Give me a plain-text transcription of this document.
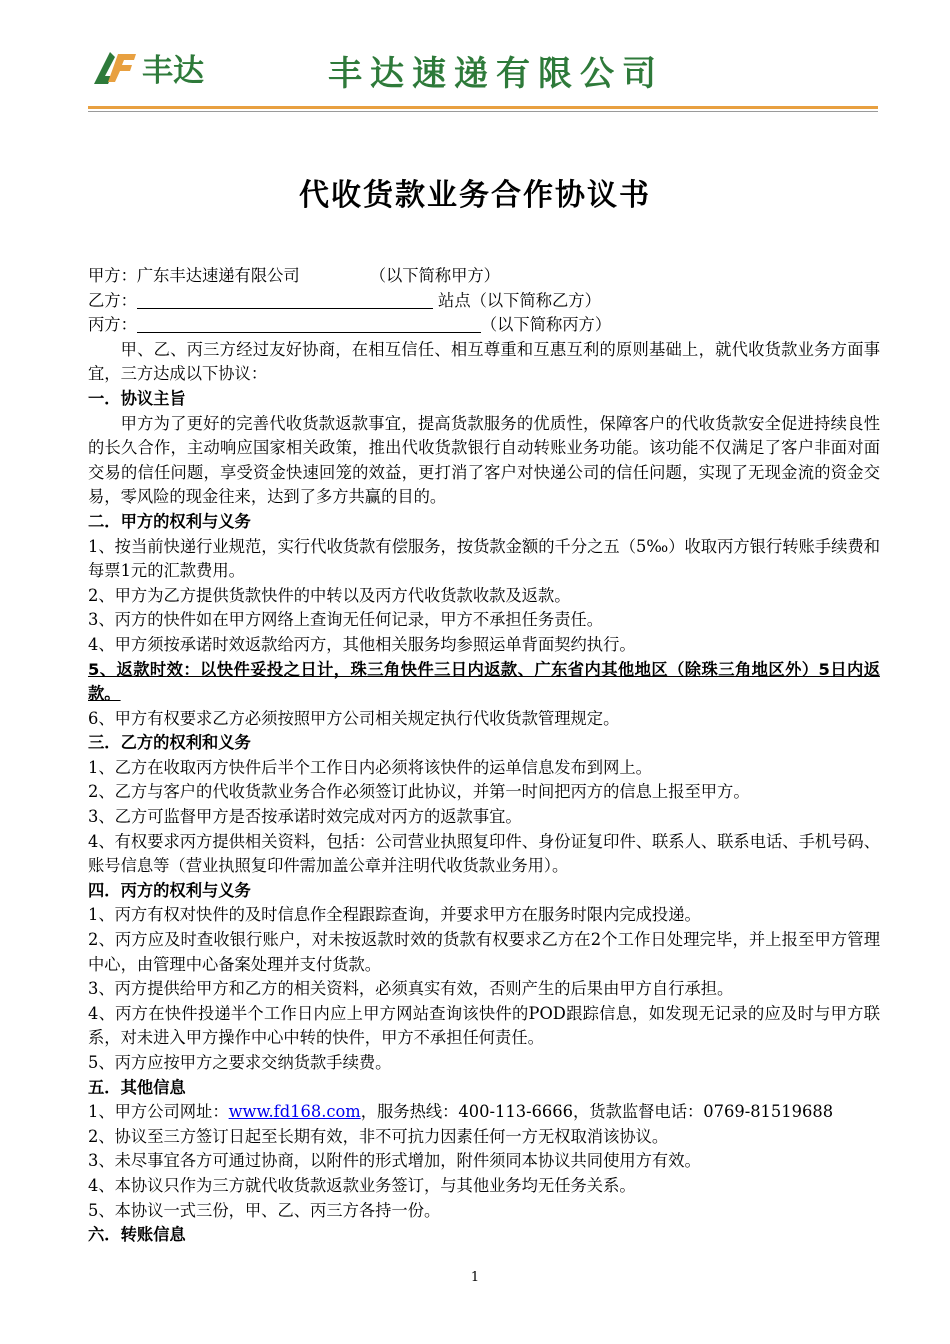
丰达	丰达速递有限公司
代收货款业务合作协议书
甲方：广东丰达速递有限公司	（以下简称甲方）
乙方：	站点（以下简称乙方）
丙方：	（以下简称丙方）
甲、乙、丙三方经过友好协商，在相互信任、相互尊重和互惠互利的原则基础上，就代收货款业务方面事宜，三方达成以下协议：
一．协议主旨
甲方为了更好的完善代收货款返款事宜，提高货款服务的优质性，保障客户的代收货款安全促进持续良性的长久合作，主动响应国家相关政策，推出代收货款银行自动转账业务功能。该功能不仅满足了客户非面对面交易的信任问题，享受资金快速回笼的效益，更打消了客户对快递公司的信任问题，实现了无现金流的资金交易，零风险的现金往来，达到了多方共赢的目的。
二．甲方的权利与义务
1、按当前快递行业规范，实行代收货款有偿服务，按货款金额的千分之五（5‰）收取丙方银行转账手续费和每票1元的汇款费用。
2、甲方为乙方提供货款快件的中转以及丙方代收货款收款及返款。
3、丙方的快件如在甲方网络上查询无任何记录，甲方不承担任务责任。
4、甲方须按承诺时效返款给丙方，其他相关服务均参照运单背面契约执行。
5、返款时效：以快件妥投之日计，珠三角快件三日内返款、广东省内其他地区（除珠三角地区外）5日内返款。
6、甲方有权要求乙方必须按照甲方公司相关规定执行代收货款管理规定。
三．乙方的权利和义务
1、乙方在收取丙方快件后半个工作日内必须将该快件的运单信息发布到网上。
2、乙方与客户的代收货款业务合作必须签订此协议，并第一时间把丙方的信息上报至甲方。
3、乙方可监督甲方是否按承诺时效完成对丙方的返款事宜。
4、有权要求丙方提供相关资料，包括：公司营业执照复印件、身份证复印件、联系人、联系电话、手机号码、账号信息等（营业执照复印件需加盖公章并注明代收货款业务用）。
四．丙方的权利与义务
1、丙方有权对快件的及时信息作全程跟踪查询，并要求甲方在服务时限内完成投递。
2、丙方应及时查收银行账户，对未按返款时效的货款有权要求乙方在2个工作日处理完毕，并上报至甲方管理中心，由管理中心备案处理并支付货款。
3、丙方提供给甲方和乙方的相关资料，必须真实有效，否则产生的后果由甲方自行承担。
4、丙方在快件投递半个工作日内应上甲方网站查询该快件的POD跟踪信息，如发现无记录的应及时与甲方联系，对未进入甲方操作中心中转的快件，甲方不承担任何责任。
5、丙方应按甲方之要求交纳货款手续费。
五．其他信息
1、甲方公司网址：www.fd168.com，服务热线：400-113-6666，货款监督电话：0769-81519688
2、协议至三方签订日起至长期有效，非不可抗力因素任何一方无权取消该协议。
3、未尽事宜各方可通过协商，以附件的形式增加，附件须同本协议共同使用方有效。
4、本协议只作为三方就代收货款返款业务签订，与其他业务均无任务关系。
5、本协议一式三份，甲、乙、丙三方各持一份。
六．转账信息
1
